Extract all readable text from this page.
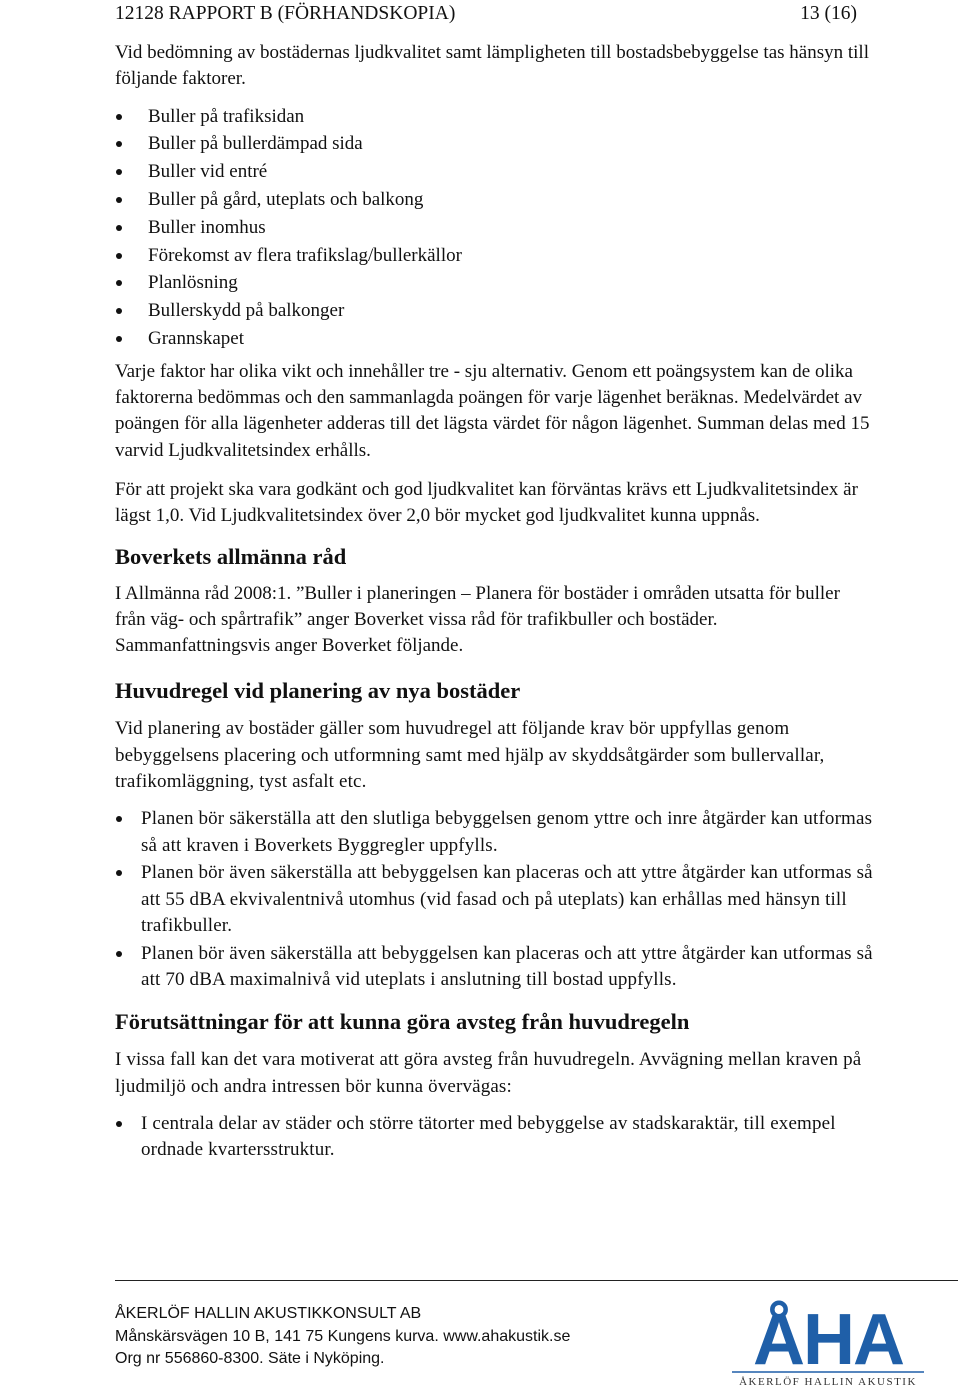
12128 RAPPORT B (FÖRHANDSKOPIA)	13 (16)

Vid bedömning av bostädernas ljudkvalitet samt lämpligheten till bostadsbebyggelse tas hänsyn till följande faktorer.

Buller på trafiksidan
Buller på bullerdämpad sida
Buller vid entré
Buller på gård, uteplats och balkong
Buller inomhus
Förekomst av flera trafikslag/bullerkällor
Planlösning
Bullerskydd på balkonger
Grannskapet

Varje faktor har olika vikt och innehåller tre - sju alternativ. Genom ett poängsystem kan de olika faktorerna bedömmas och den sammanlagda poängen för varje lägenhet beräknas. Medelvärdet av poängen för alla lägenheter adderas till det lägsta värdet för någon lägenhet. Summan delas med 15 varvid Ljudkvalitetsindex erhålls.

För att projekt ska vara godkänt och god ljudkvalitet kan förväntas krävs ett Ljudkvalitetsindex är lägst 1,0. Vid Ljudkvalitetsindex över 2,0 bör mycket god ljudkvalitet kunna uppnås.

Boverkets allmänna råd

I Allmänna råd 2008:1. ”Buller i planeringen – Planera för bostäder i områden utsatta för buller från väg- och spårtrafik” anger Boverket vissa råd för trafikbuller och bostäder. Sammanfattningsvis anger Boverket följande.

Huvudregel vid planering av nya bostäder

Vid planering av bostäder gäller som huvudregel att följande krav bör uppfyllas genom bebyggelsens placering och utformning samt med hjälp av skyddsåtgärder som bullervallar, trafikomläggning, tyst asfalt etc.

Planen bör säkerställa att den slutliga bebyggelsen genom yttre och inre åtgärder kan utformas så att kraven i Boverkets Byggregler uppfylls.
Planen bör även säkerställa att bebyggelsen kan placeras och att yttre åtgärder kan utformas så att 55 dBA ekvivalentnivå utomhus (vid fasad och på uteplats) kan erhållas med hänsyn till trafikbuller.
Planen bör även säkerställa att bebyggelsen kan placeras och att yttre åtgärder kan utformas så att 70 dBA maximalnivå vid uteplats i anslutning till bostad uppfylls.
Förutsättningar för att kunna göra avsteg från huvudregeln

I vissa fall kan det vara motiverat att göra avsteg från huvudregeln. Avvägning mellan kraven på ljudmiljö och andra intressen bör kunna övervägas:

I centrala delar av städer och större tätorter med bebyggelse av stadskaraktär, till exempel ordnade kvartersstruktur.
ÅKERLÖF HALLIN AKUSTIKKONSULT AB
Månskärsvägen 10 B, 141 75 Kungens kurva. www.ahakustik.se
Org nr 556860-8300. Säte i Nyköping.	ÅHA
ÅKERLÖF HALLIN AKUSTIK
